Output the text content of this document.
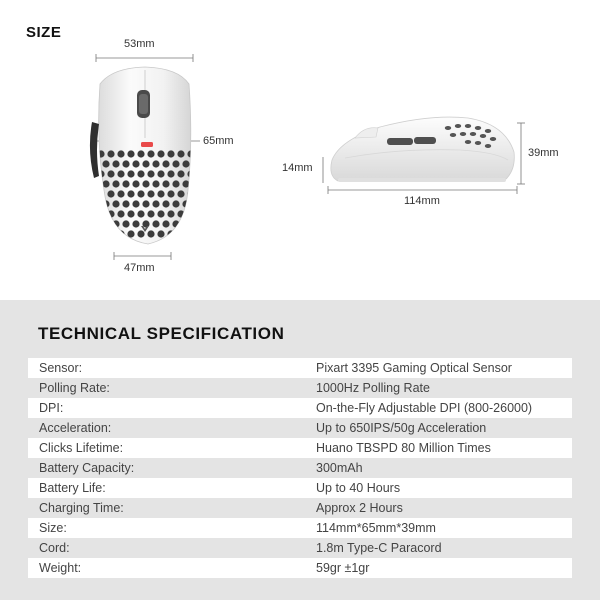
SIZE
53mm
65mm
47mm
14mm
39mm
114mm
TECHNICAL SPECIFICATION
Sensor:	Pixart 3395 Gaming Optical Sensor
Polling Rate:	1000Hz Polling Rate
DPI:	On-the-Fly Adjustable DPI (800-26000)
Acceleration:	Up to 650IPS/50g Acceleration
Clicks Lifetime:	Huano TBSPD 80 Million Times
Battery Capacity:	300mAh
Battery Life:	Up to 40 Hours
Charging Time:	Approx 2 Hours
Size:	114mm*65mm*39mm
Cord:	1.8m Type-C Paracord
Weight:	59gr ±1gr
